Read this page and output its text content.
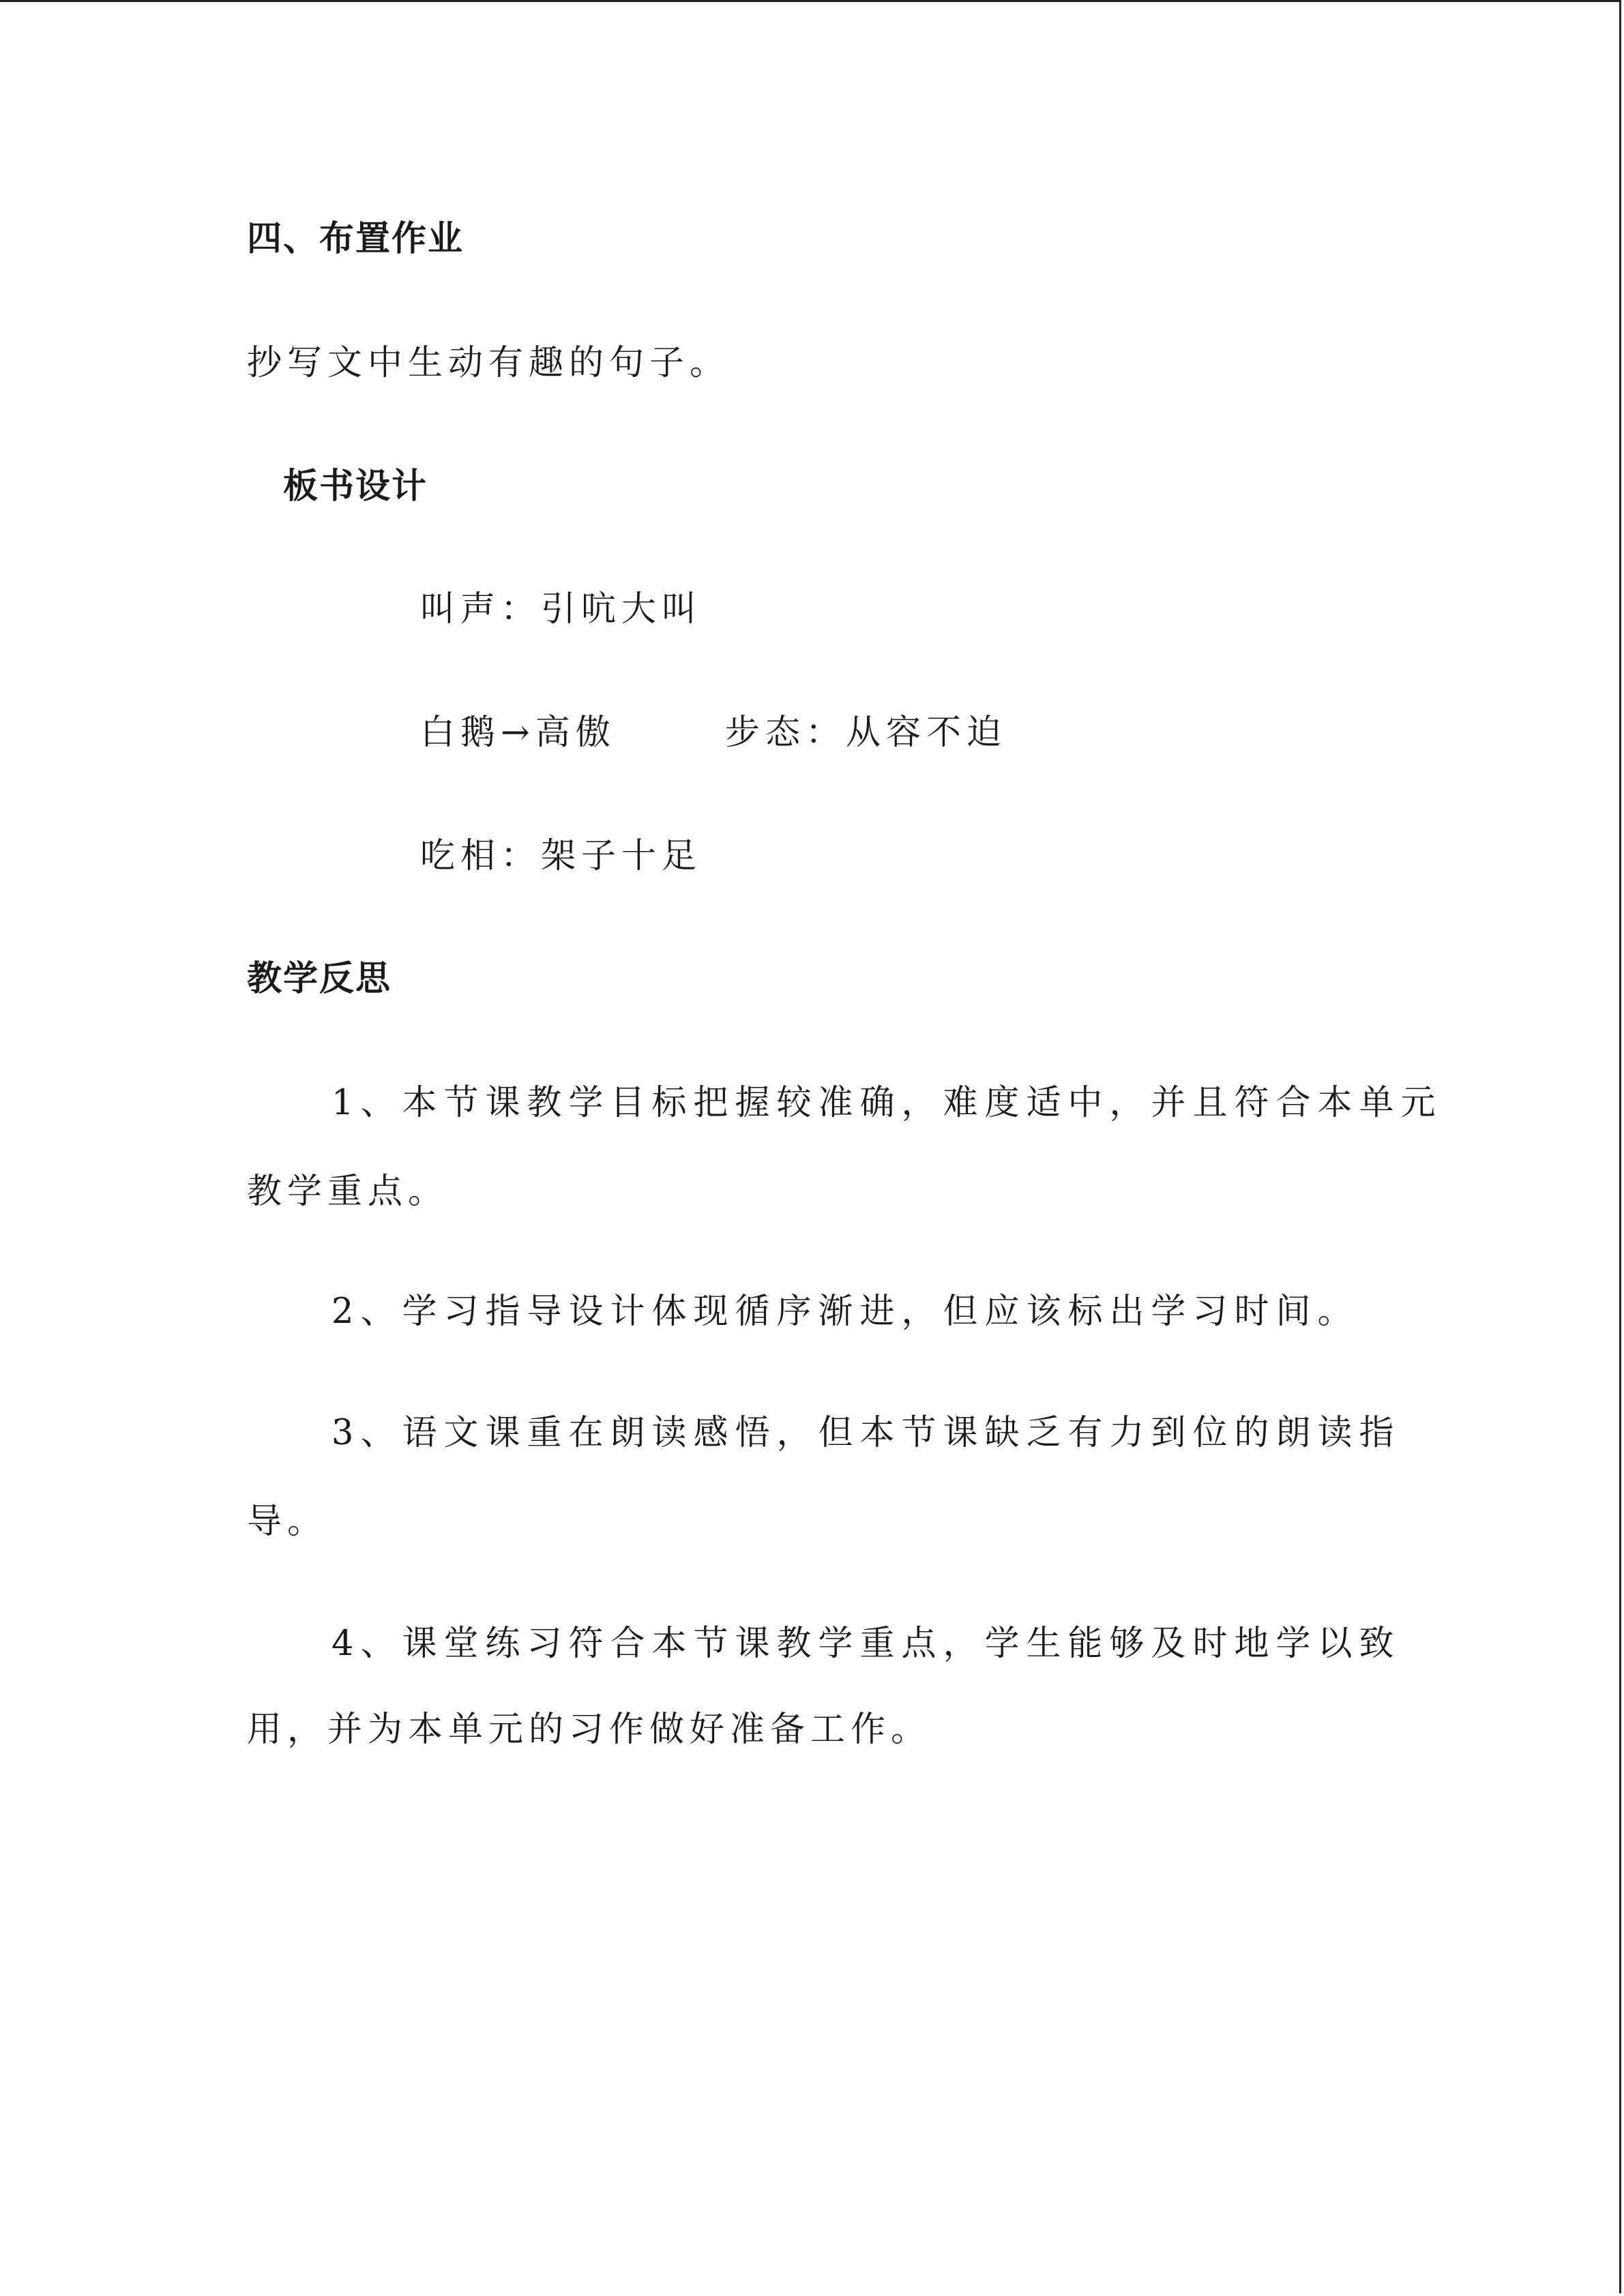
四、布置作业
抄写文中生动有趣的句子。
板书设计
叫声：引吭大叫
白鹅→高傲	步态：从容不迫
吃相：架子十足
教学反思
1、本节课教学目标把握较准确，难度适中，并且符合本单元
教学重点。
2、学习指导设计体现循序渐进，但应该标出学习时间。
3、语文课重在朗读感悟，但本节课缺乏有力到位的朗读指
导。
4、课堂练习符合本节课教学重点，学生能够及时地学以致
用，并为本单元的习作做好准备工作。
